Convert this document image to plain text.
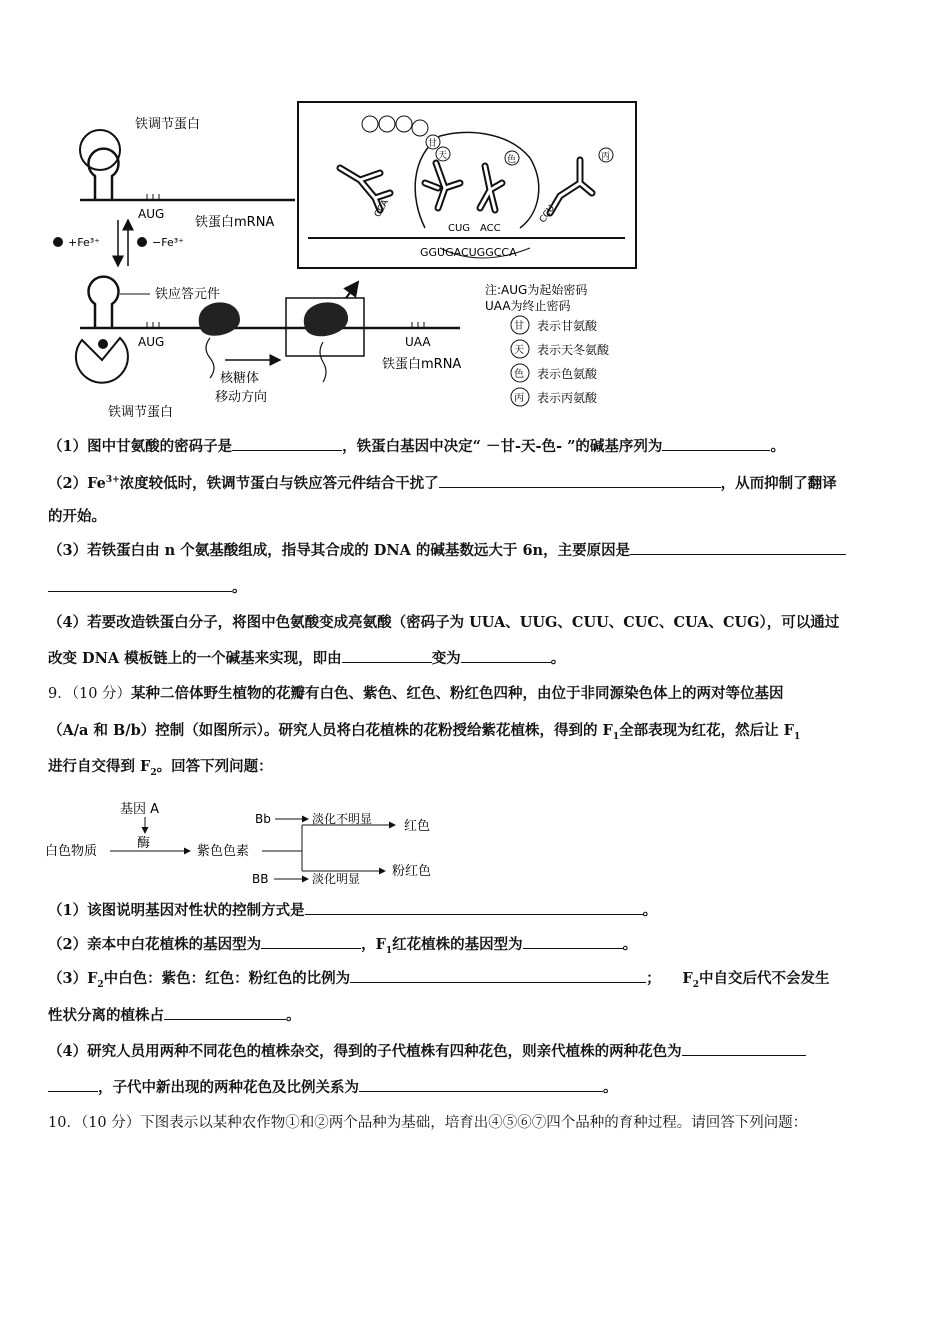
铁调节蛋白
AUG
铁蛋白mRNA
+Fe³⁺	−Fe³⁺
铁应答元件
AUG	UAA
铁蛋白mRNA
铁调节蛋白
核糖体
移动方向
甘
天	色	丙
CCA
CUG ACC
CCU
GGUGACUGGCCA
注:AUG为起始密码
UAA为终止密码
甘 表示甘氨酸
天 表示天冬氨酸
色 表示色氨酸
丙 表示丙氨酸
（1）图中甘氨酸的密码子是	，铁蛋白基因中决定“ －甘-天-色- ”的碱基序列为	。
$(2)Fe^{3+}$浓度较低时，铁调节蛋白与铁应答元件结合干扰了	，从而抑制了翻译
的开始。
（3）若铁蛋白由 n 个氨基酸组成，指导其合成的 DNA 的碱基数远大于 6n，主要原因是
。
（4）若要改造铁蛋白分子，将图中色氨酸变成亮氨酸（密码子为 UUA、UUG、CUU、CUC、CUA、CUG），可以通过
改变 DNA 模板链上的一个碱基来实现，即由	变为	。
9．（10 分）某种二倍体野生植物的花瓣有白色、紫色、红色、粉红色四种，由位于非同源染色体上的两对等位基因
（A/a 和 B/b）控制（如图所示）。研究人员将白花植株的花粉授给紫花植株，得到的 $F_1$全部表现为红花，然后让 $F_1$
进行自交得到 $F_2$。回答下列问题：
基因 A
酶
白色物质	紫色色素
Bb	淡化不明显 红色
BB	淡化明显 粉红色
（1）该图说明基因对性状的控制方式是	。
（2）亲本中白花植株的基因型为	，$F_1$红花植株的基因型为	。
$(3)F_2$中白色：紫色：红色：粉红色的比例为	；　　$F_2$中自交后代不会发生
性状分离的植株占	。
（4）研究人员用两种不同花色的植株杂交，得到的子代植株有四种花色，则亲代植株的两种花色为
，子代中新出现的两种花色及比例关系为	。
10．（10 分）下图表示以某种农作物①和②两个品种为基础，培育出④⑤⑥⑦四个品种的育种过程。请回答下列问题：
